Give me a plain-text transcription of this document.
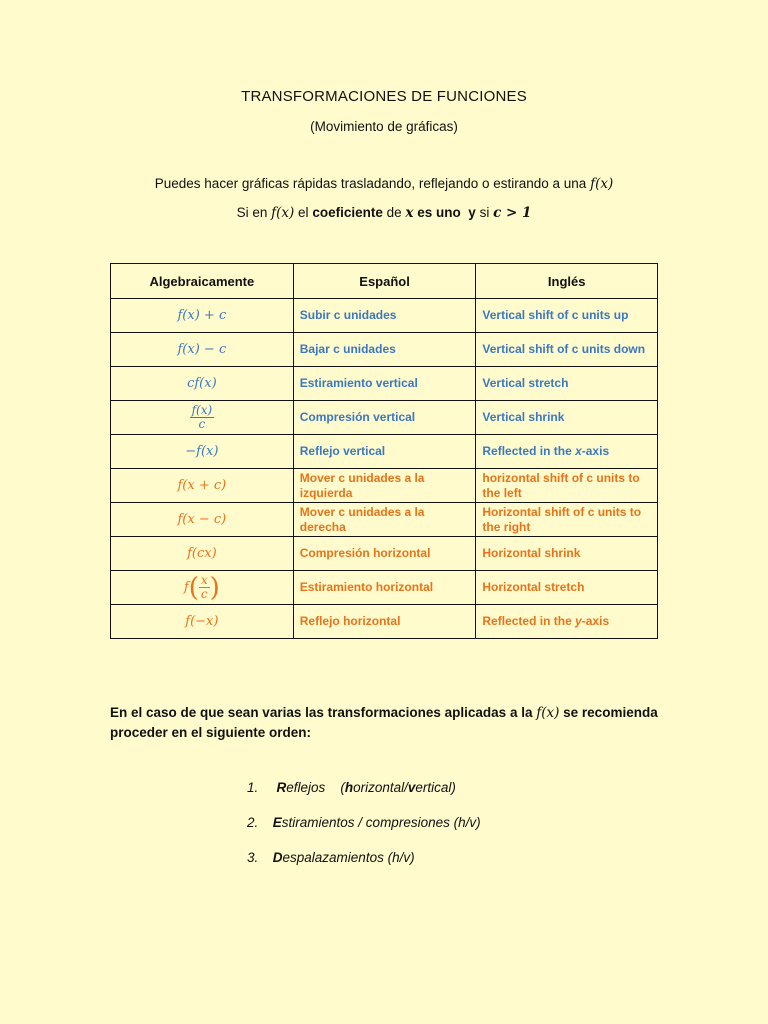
TRANSFORMACIONES DE FUNCIONES
(Movimiento de gráficas)
Puedes hacer gráficas rápidas trasladando, reflejando o estirando a una f(x)
Si en f(x) el coeficiente de x es uno y si c > 1
Algebraicamente	Español	Inglés
f(x) + c	Subir c unidades	Vertical shift of c units up
f(x) − c	Bajar c unidades	Vertical shift of c units down
cf(x)	Estiramiento vertical	Vertical stretch

$\frac{f(x)}{c}$	Compresión vertical	Vertical shrink
−f(x)	Reflejo vertical	Reflected in the x-axis
f(x + c)	Mover c unidades a la izquierda	horizontal shift of c units to the left
f(x − c)	Mover c unidades a la derecha	Horizontal shift of c units to the right
f(cx)	Compresión horizontal	Horizontal shrink

f ( $\frac{x}{c}$ )	Estiramiento horizontal	Horizontal stretch
f(−x)	Reflejo horizontal	Reflected in the y-axis
En el caso de que sean varias las transformaciones aplicadas a la f(x) se recomienda proceder en el siguiente orden:
1. Reflejos (horizontal/vertical)
2. Estiramientos / compresiones (h/v)
3. Despalazamientos (h/v)
